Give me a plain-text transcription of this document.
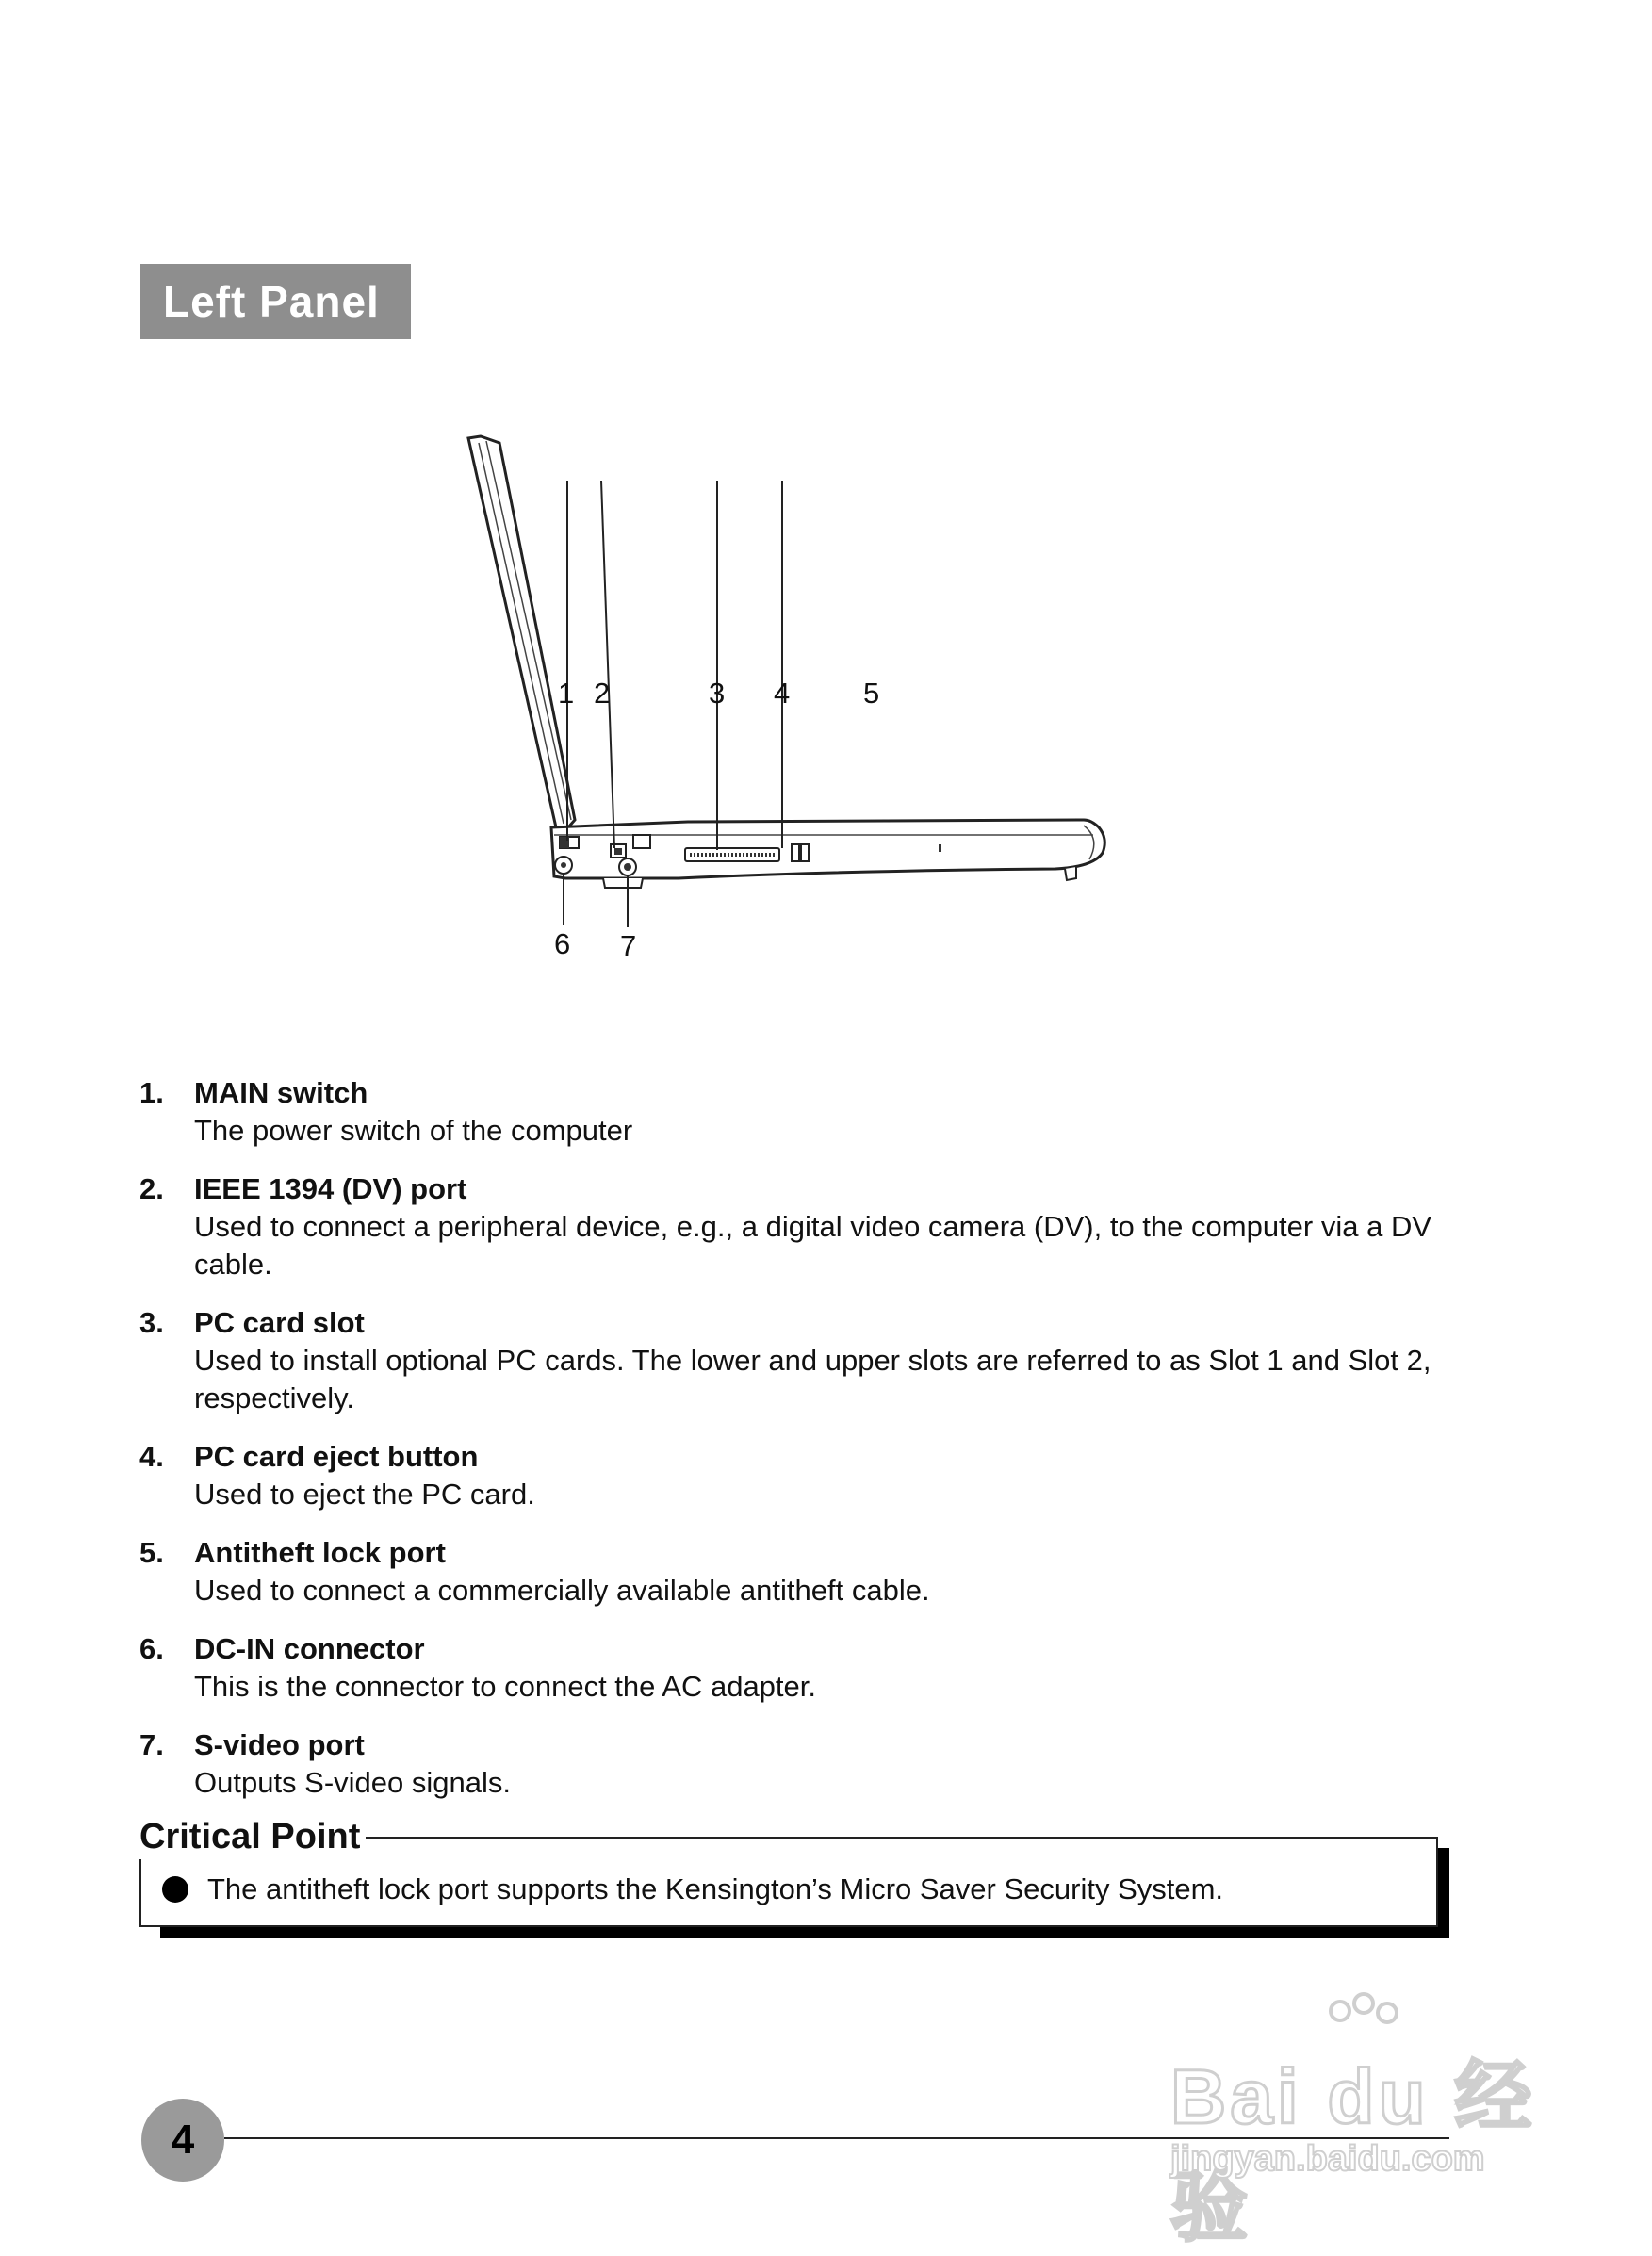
Left Panel
1 2	3 4	5
6 7
1.	MAIN switch
The power switch of the computer
2.	IEEE 1394 (DV) port
Used to connect a peripheral device, e.g., a digital video camera (DV), to the computer via a DV cable.
3.	PC card slot
Used to install optional PC cards. The lower and upper slots are referred to as Slot 1 and Slot 2, respectively.
4.	PC card eject button
Used to eject the PC card.
5.	Antitheft lock port
Used to connect a commercially available antitheft cable.
6.	DC-IN connector
This is the connector to connect the AC adapter.
7.	S-video port
Outputs S-video signals.
The antitheft lock port supports the Kensington’s Micro Saver Security System.
Critical Point
4	Bai du 经验
jingyan.baidu.com
